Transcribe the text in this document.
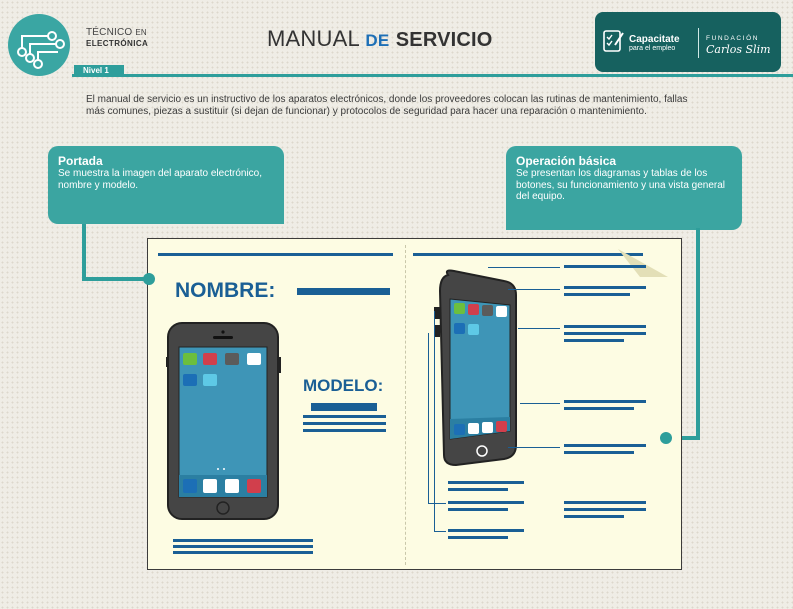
Nivel 1
TÉCNICO EN
ELECTRÓNICA	MANUAL DE SERVICIO	Capacitate
para el empleo
FUNDACIÓN
Carlos Slim
El manual de servicio es un instructivo de los aparatos electrónicos, donde los proveedores colocan las rutinas de mantenimiento, fallas más comunes, piezas a sustituir (si dejan de funcionar) y protocolos de seguridad para hacer una reparación o mantenimiento.
Portada
Se muestra la imagen del aparato electrónico, nombre y modelo.
Operación básica
Se presentan los diagramas y tablas de los botones, su funcionamiento y una vista general del equipo.
NOMBRE:
MODELO:
